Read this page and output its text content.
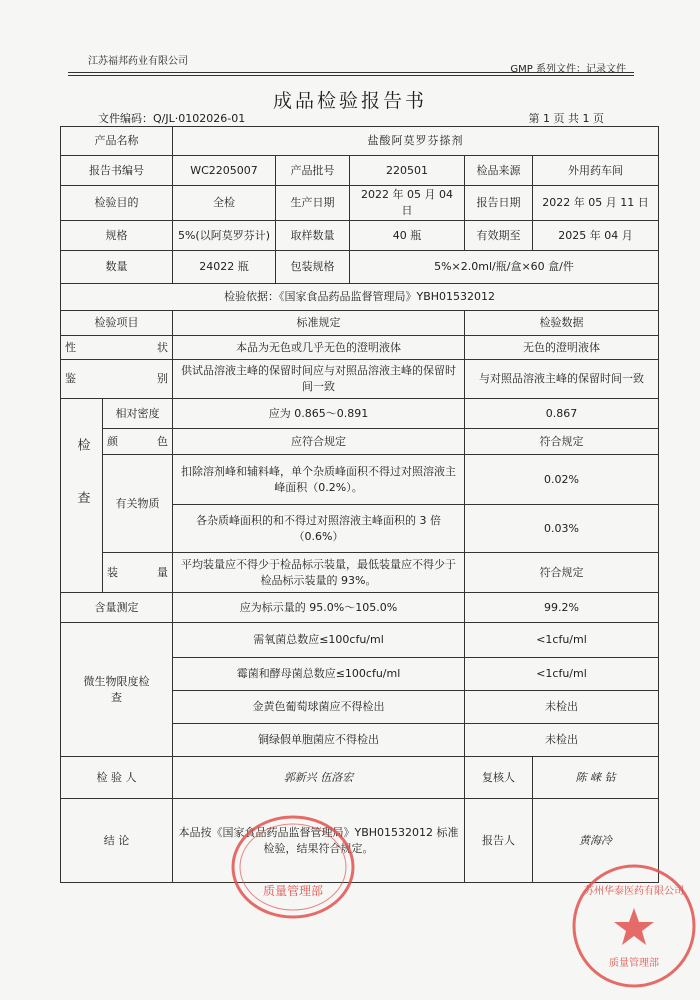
江苏福邦药业有限公司
GMP 系列文件：记录文件
成品检验报告书
文件编码：Q/JL·0102026-01	第 1 页 共 1 页
产品名称		盐酸阿莫罗芬搽剂				
报告书编号		WC2205007	产品批号	220501	检品来源	外用药车间
检验目的		全检	生产日期	2022 年 05 月 04 日	报告日期	2022 年 05 月 11 日
规格		5%(以阿莫罗芬计)	取样数量	40 瓶	有效期至	2025 年 04 月
数量		24022 瓶	包装规格	5%×2.0ml/瓶/盒×60 盒/件		
检验依据：《国家食品药品监督管理局》YBH01532012						
检验项目		标准规定			检验数据	
性 状		本品为无色或几乎无色的澄明液体			无色的澄明液体	
鉴 别		供试品溶液主峰的保留时间应与对照品溶液主峰的保留时间一致			与对照品溶液主峰的保留时间一致	
检查	相对密度	应为 0.865～0.891			0.867	
	颜 色	应符合规定			符合规定	
	有关物质	扣除溶剂峰和辅料峰，单个杂质峰面积不得过对照溶液主峰面积（0.2%）。			0.02%	
		各杂质峰面积的和不得过对照溶液主峰面积的 3 倍（0.6%）			0.03%	
	装 量	平均装量应不得少于检品标示装量，最低装量应不得少于检品标示装量的 93%。			符合规定	
含量测定		应为标示量的 95.0%～105.0%			99.2%	
微生物限度检查		需氧菌总数应≤100cfu/ml			<1cfu/ml	
		霉菌和酵母菌总数应≤100cfu/ml			<1cfu/ml	
		金黄色葡萄球菌应不得检出			未检出	
		铜绿假单胞菌应不得检出			未检出	
检 验 人		郭新兴 伍洛宏			复核人	陈 崃 钻
结 论		本品按《国家食品药品监督管理局》YBH01532012 标准检验，结果符合规定。			报告人	黄海冷
质量管理部	苏州华泰医药有限公司
质量管理部
